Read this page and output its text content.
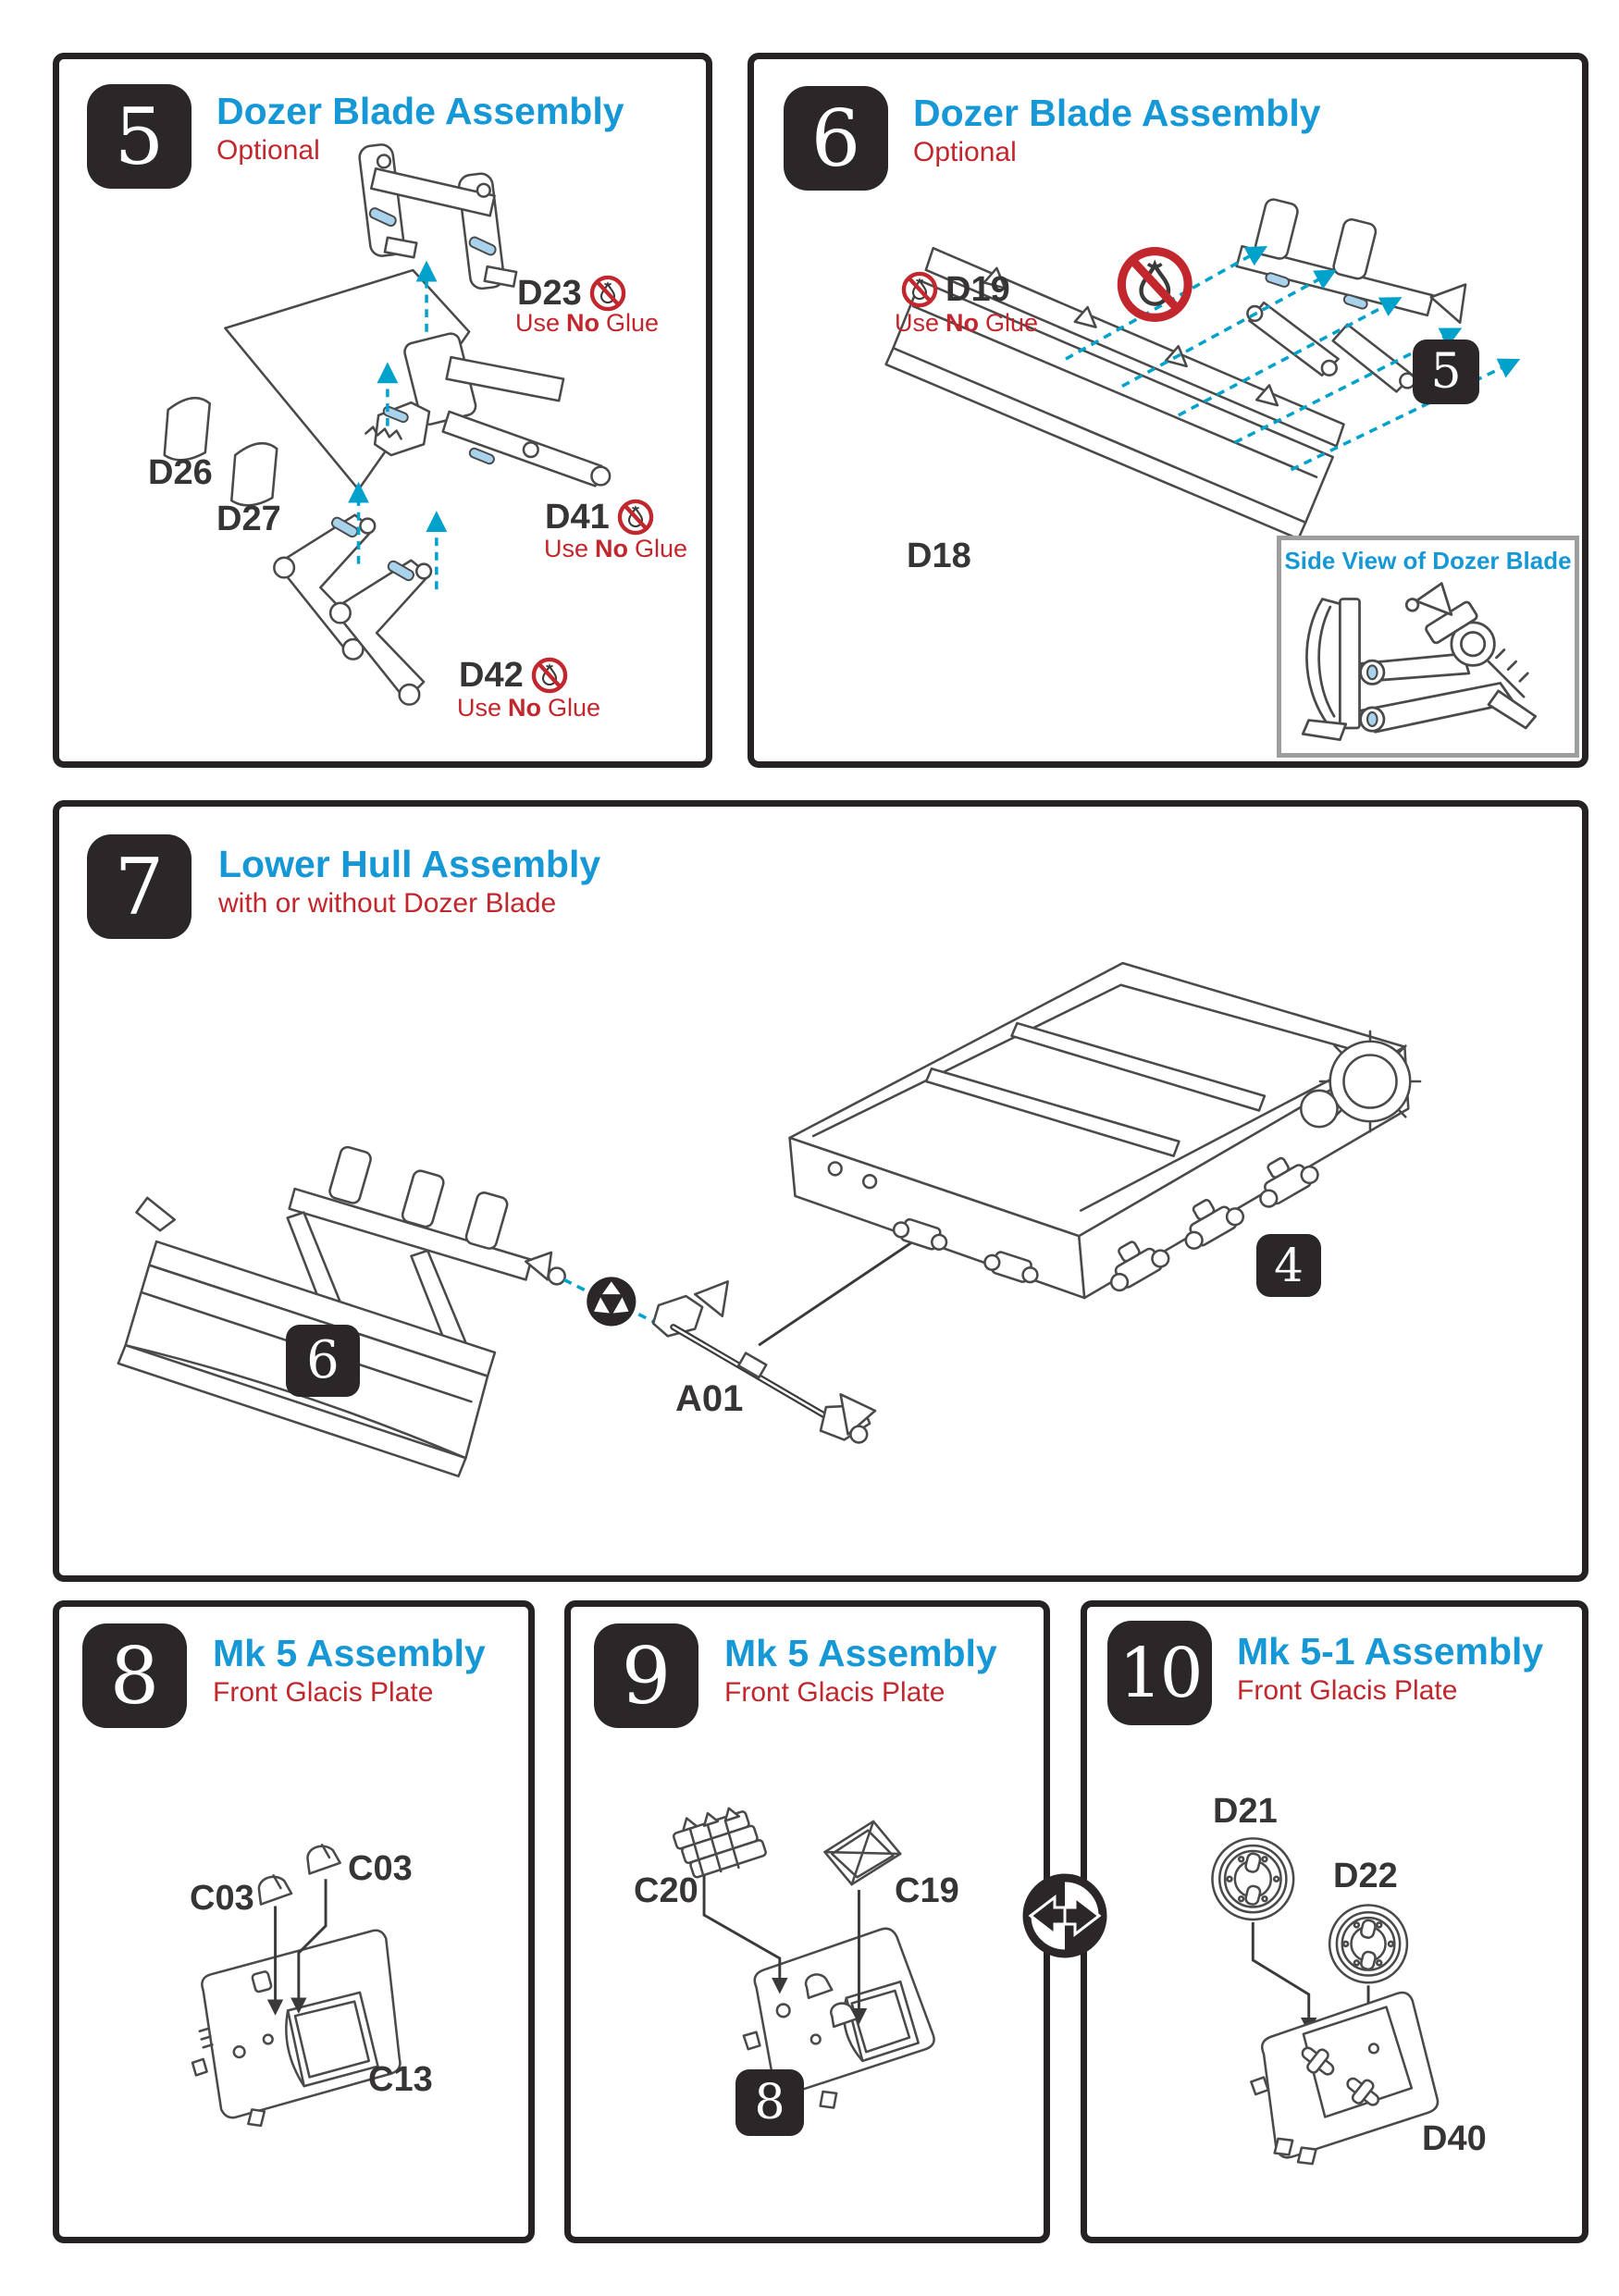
5 Dozer Blade Assembly
Optional
D23
Use No Glue
D26
D27	D41
Use No Glue
D42
Use No Glue
6 Dozer Blade Assembly
Optional
D19
Use No Glue
D18
5
Side View of Dozer Blade
7 Lower Hull Assembly
with or without Dozer Blade
6
A01
4
8 Mk 5 Assembly
Front Glacis Plate
C03
C03
C13
9 Mk 5 Assembly
Front Glacis Plate
C20	C19
8
10 Mk 5-1 Assembly
Front Glacis Plate
D21
D22
D40
